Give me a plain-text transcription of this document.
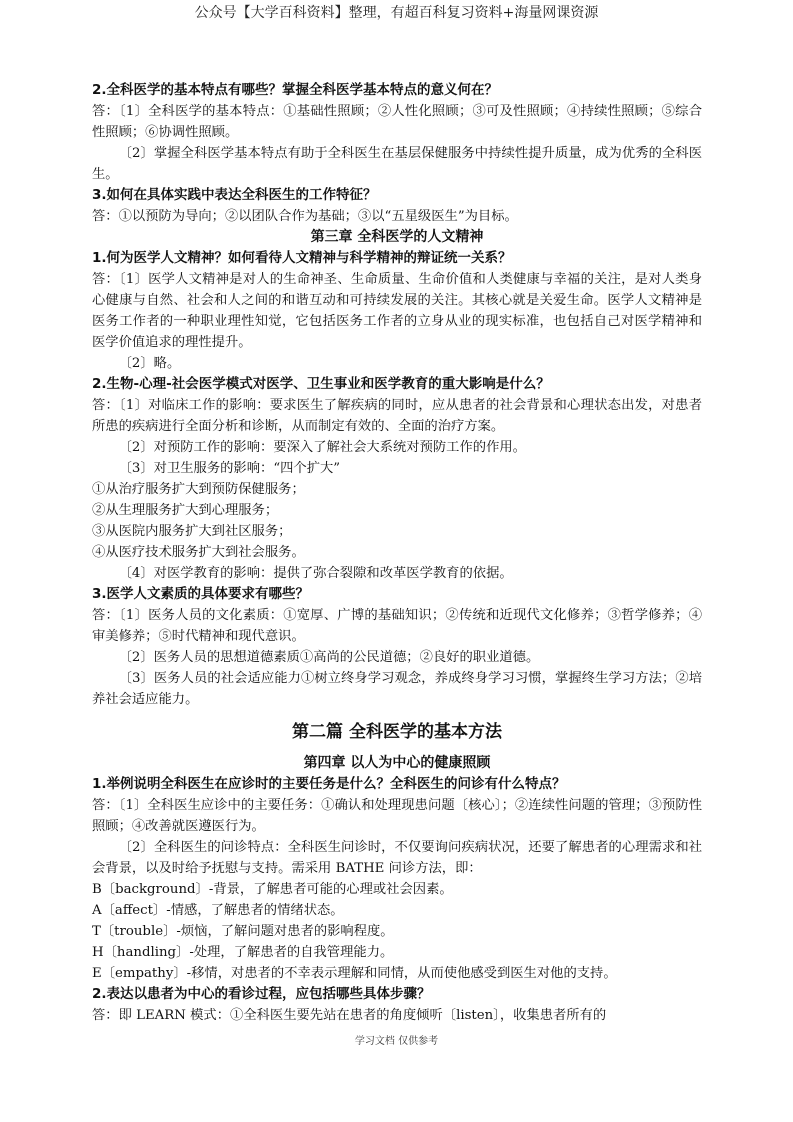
公众号【大学百科资料】整理，有超百科复习资料+海量网课资源

2.全科医学的基本特点有哪些？掌握全科医学基本特点的意义何在？

答：〔1〕全科医学的基本特点：①基础性照顾；②人性化照顾；③可及性照顾；④持续性照顾；⑤综合性照顾；⑥协调性照顾。

〔2〕掌握全科医学基本特点有助于全科医生在基层保健服务中持续性提升质量，成为优秀的全科医生。

3.如何在具体实践中表达全科医生的工作特征？

答：①以预防为导向；②以团队合作为基础；③以“五星级医生”为目标。

第三章 全科医学的人文精神

1.何为医学人文精神？如何看待人文精神与科学精神的辩证统一关系？

答：〔1〕医学人文精神是对人的生命神圣、生命质量、生命价值和人类健康与幸福的关注，是对人类身心健康与自然、社会和人之间的和谐互动和可持续发展的关注。其核心就是关爱生命。医学人文精神是医务工作者的一种职业理性知觉，它包括医务工作者的立身从业的现实标准，也包括自己对医学精神和医学价值追求的理性提升。

〔2〕略。

2.生物-心理-社会医学模式对医学、卫生事业和医学教育的重大影响是什么？

答：〔1〕对临床工作的影响：要求医生了解疾病的同时，应从患者的社会背景和心理状态出发，对患者所患的疾病进行全面分析和诊断，从而制定有效的、全面的治疗方案。

〔2〕对预防工作的影响：要深入了解社会大系统对预防工作的作用。

〔3〕对卫生服务的影响：“四个扩大”

①从治疗服务扩大到预防保健服务；

②从生理服务扩大到心理服务；

③从医院内服务扩大到社区服务；

④从医疗技术服务扩大到社会服务。

〔4〕对医学教育的影响：提供了弥合裂隙和改革医学教育的依据。

3.医学人文素质的具体要求有哪些？

答：〔1〕医务人员的文化素质：①宽厚、广博的基础知识；②传统和近现代文化修养；③哲学修养；④审美修养；⑤时代精神和现代意识。

〔2〕医务人员的思想道德素质①高尚的公民道德；②良好的职业道德。

〔3〕医务人员的社会适应能力①树立终身学习观念，养成终身学习习惯，掌握终生学习方法；②培养社会适应能力。

第二篇 全科医学的基本方法

第四章 以人为中心的健康照顾

1.举例说明全科医生在应诊时的主要任务是什么？全科医生的问诊有什么特点？

答：〔1〕全科医生应诊中的主要任务：①确认和处理现患问题〔核心〕；②连续性问题的管理；③预防性照顾；④改善就医遵医行为。

〔2〕全科医生的问诊特点：全科医生问诊时，不仅要询问疾病状况，还要了解患者的心理需求和社会背景，以及时给予抚慰与支持。需采用 BATHE 问诊方法，即：

B〔background〕-背景，了解患者可能的心理或社会因素。

A〔affect〕-情感，了解患者的情绪状态。

T〔trouble〕-烦恼，了解问题对患者的影响程度。

H〔handling〕-处理，了解患者的自我管理能力。

E〔empathy〕-移情，对患者的不幸表示理解和同情，从而使他感受到医生对他的支持。

2.表达以患者为中心的看诊过程，应包括哪些具体步骤？

答：即 LEARN 模式：①全科医生要先站在患者的角度倾听〔listen〕，收集患者所有的

学习文档 仅供参考
